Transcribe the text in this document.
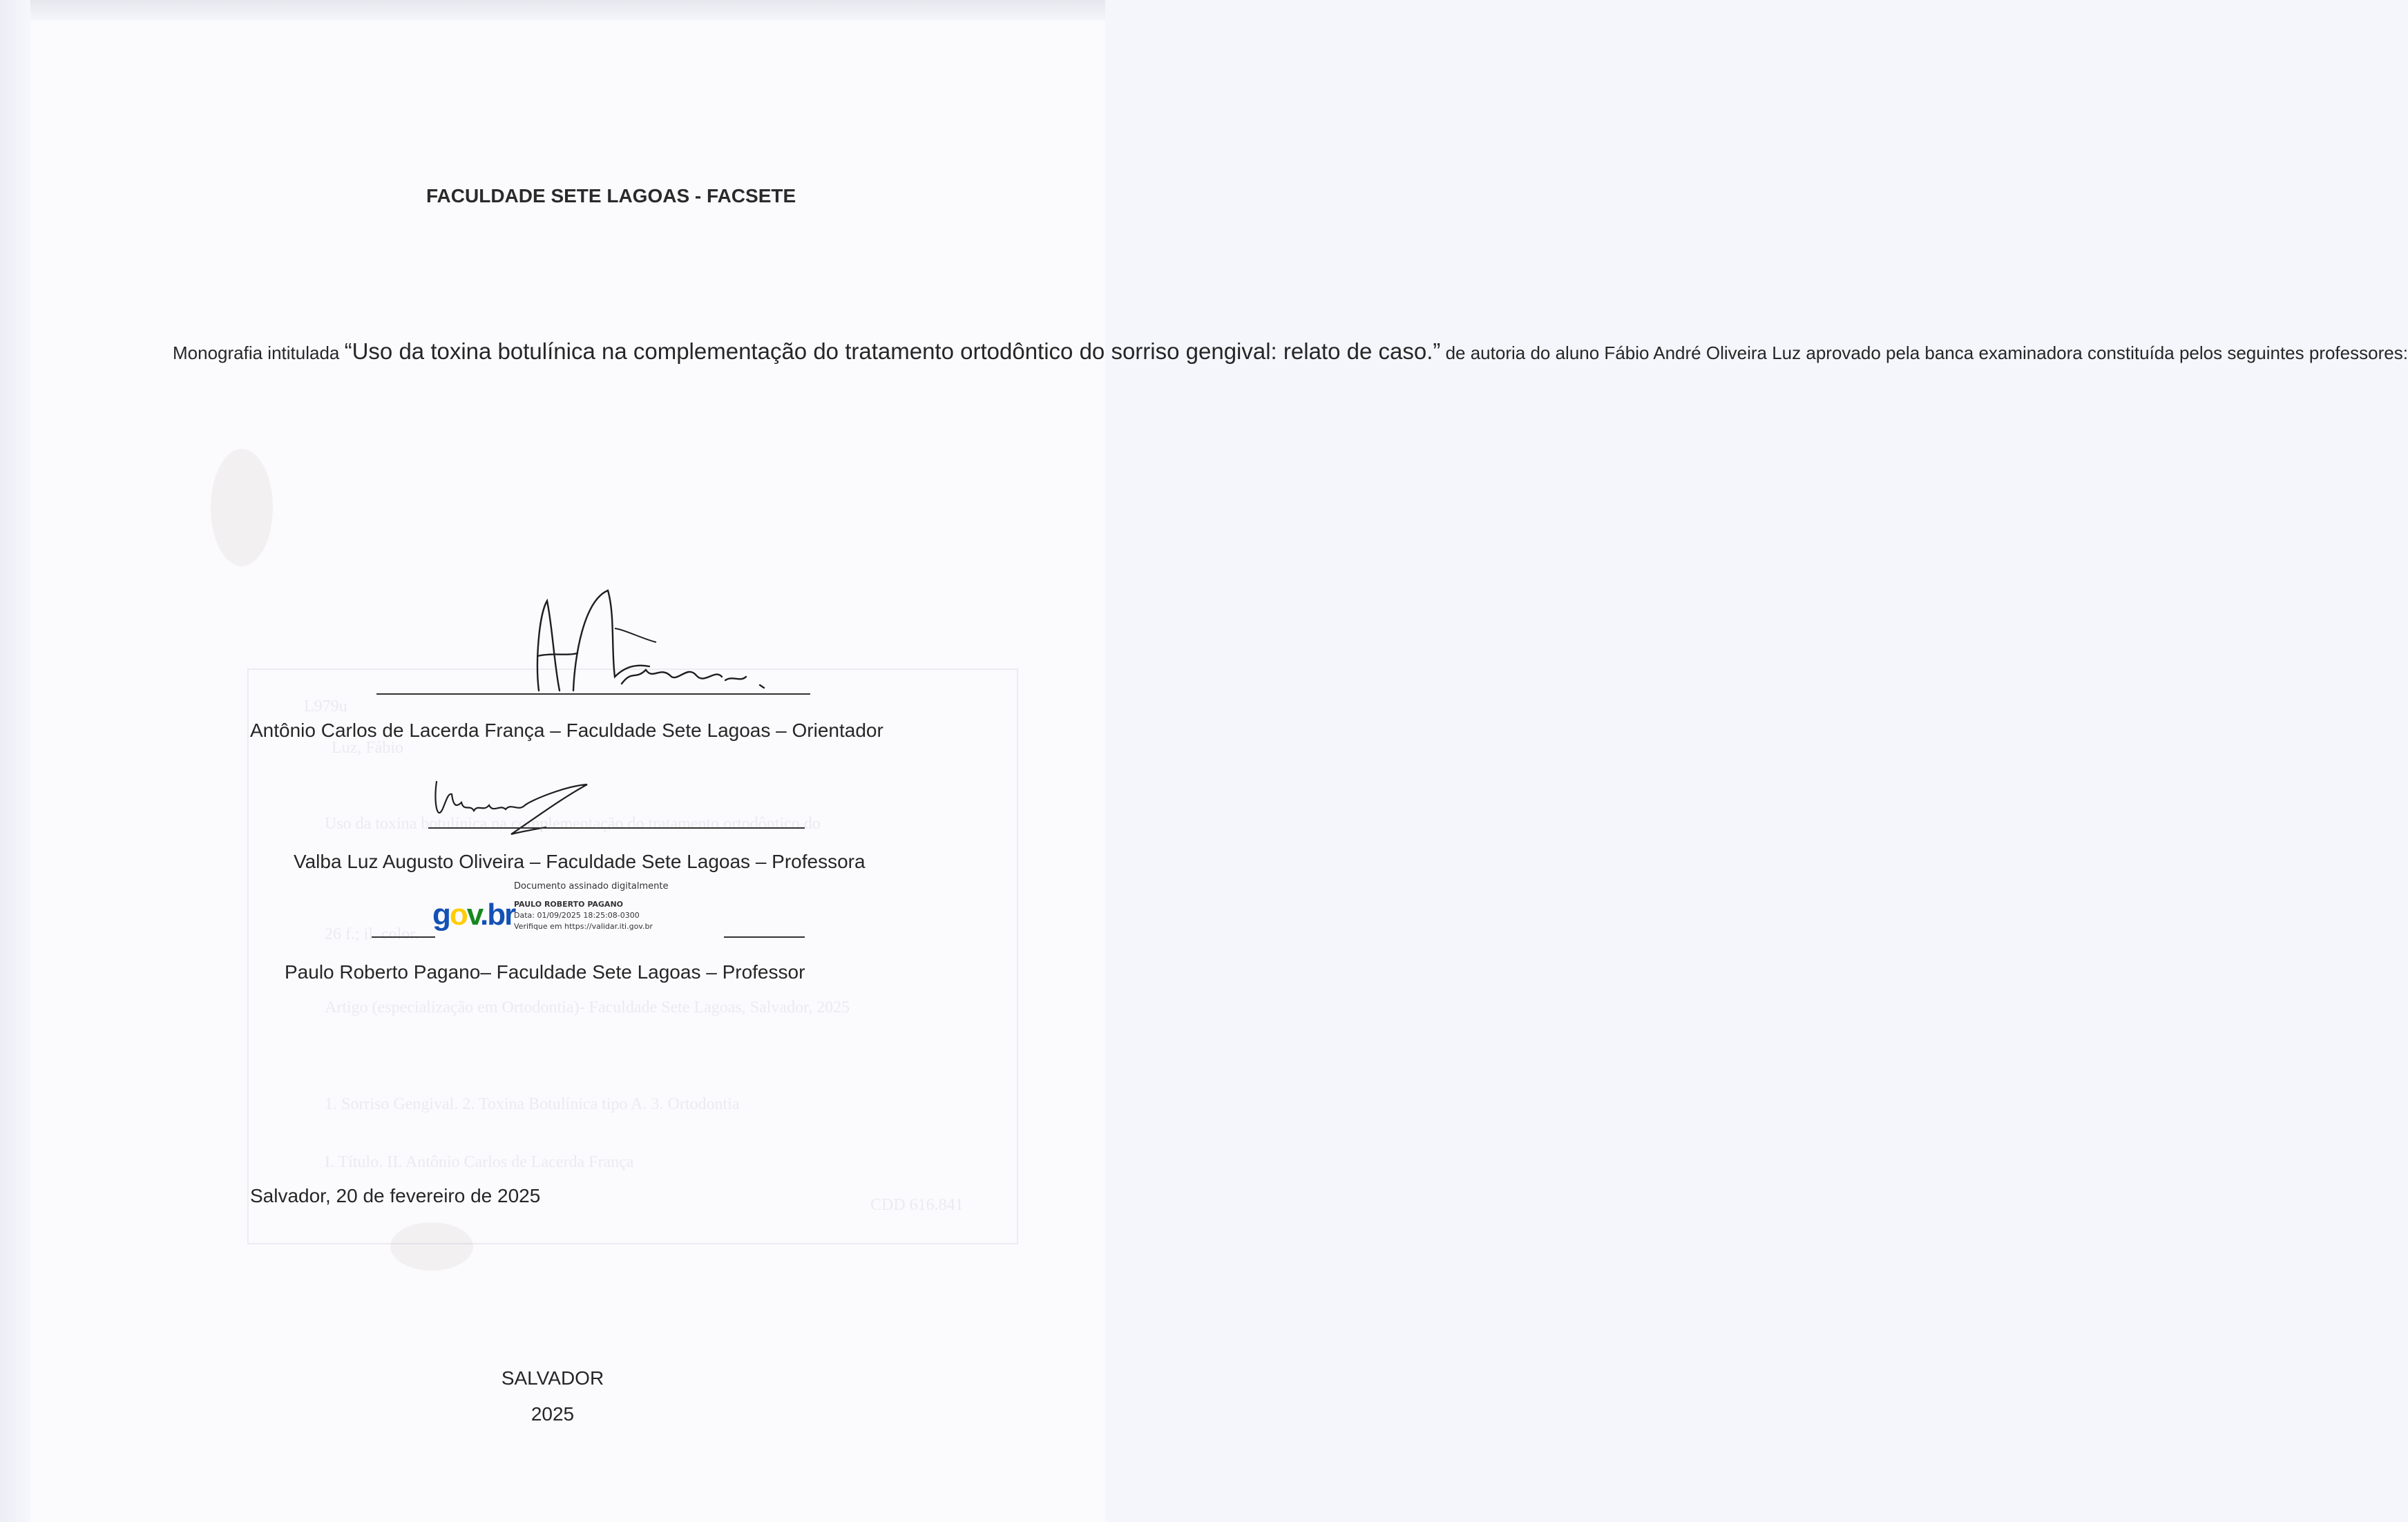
FACULDADE SETE LAGOAS - FACSETE
Monografia intitulada “Uso da toxina botulínica na complementação do tratamento ortodôntico do sorriso gengival: relato de caso.” de autoria do aluno Fábio André Oliveira Luz aprovado pela banca examinadora constituída pelos seguintes professores:
Antônio Carlos de Lacerda França – Faculdade Sete Lagoas – Orientador
Valba Luz Augusto Oliveira – Faculdade Sete Lagoas – Professora
gov.br
Documento assinado digitalmente
PAULO ROBERTO PAGANO
Data: 01/09/2025 18:25:08-0300
Verifique em https://validar.iti.gov.br
Paulo Roberto Pagano– Faculdade Sete Lagoas – Professor
Salvador, 20 de fevereiro de 2025
SALVADOR
2025
